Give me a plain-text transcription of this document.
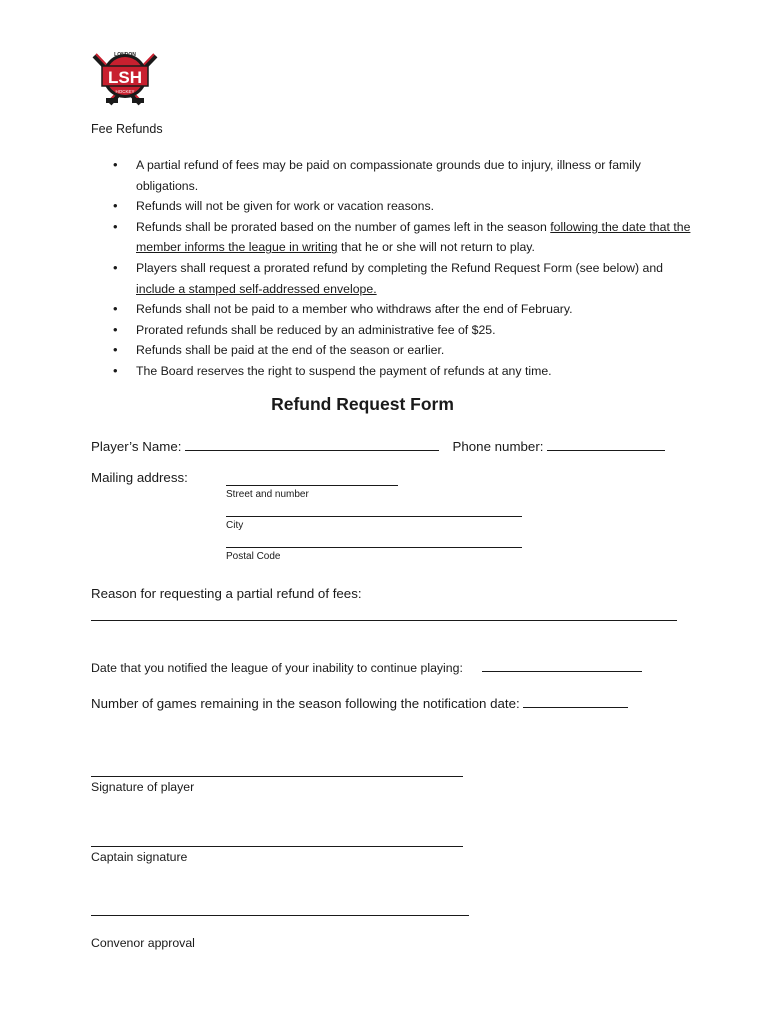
LONDON
LSH
HOCKEY
Fee Refunds
• A partial refund of fees may be paid on compassionate grounds due to injury, illness or family obligations.
• Refunds will not be given for work or vacation reasons.
• Refunds shall be prorated based on the number of games left in the season following the date that the member informs the league in writing that he or she will not return to play.
• Players shall request a prorated refund by completing the Refund Request Form (see below) and include a stamped self-addressed envelope.
• Refunds shall not be paid to a member who withdraws after the end of February.
• Prorated refunds shall be reduced by an administrative fee of $25.
• Refunds shall be paid at the end of the season or earlier.
• The Board reserves the right to suspend the payment of refunds at any time.
Refund Request Form
Player’s Name:	Phone number:
Mailing address:
Street and number
City
Postal Code
Reason for requesting a partial refund of fees:
Date that you notified the league of your inability to continue playing:
Number of games remaining in the season following the notification date:
Signature of player
Captain signature
Convenor approval
